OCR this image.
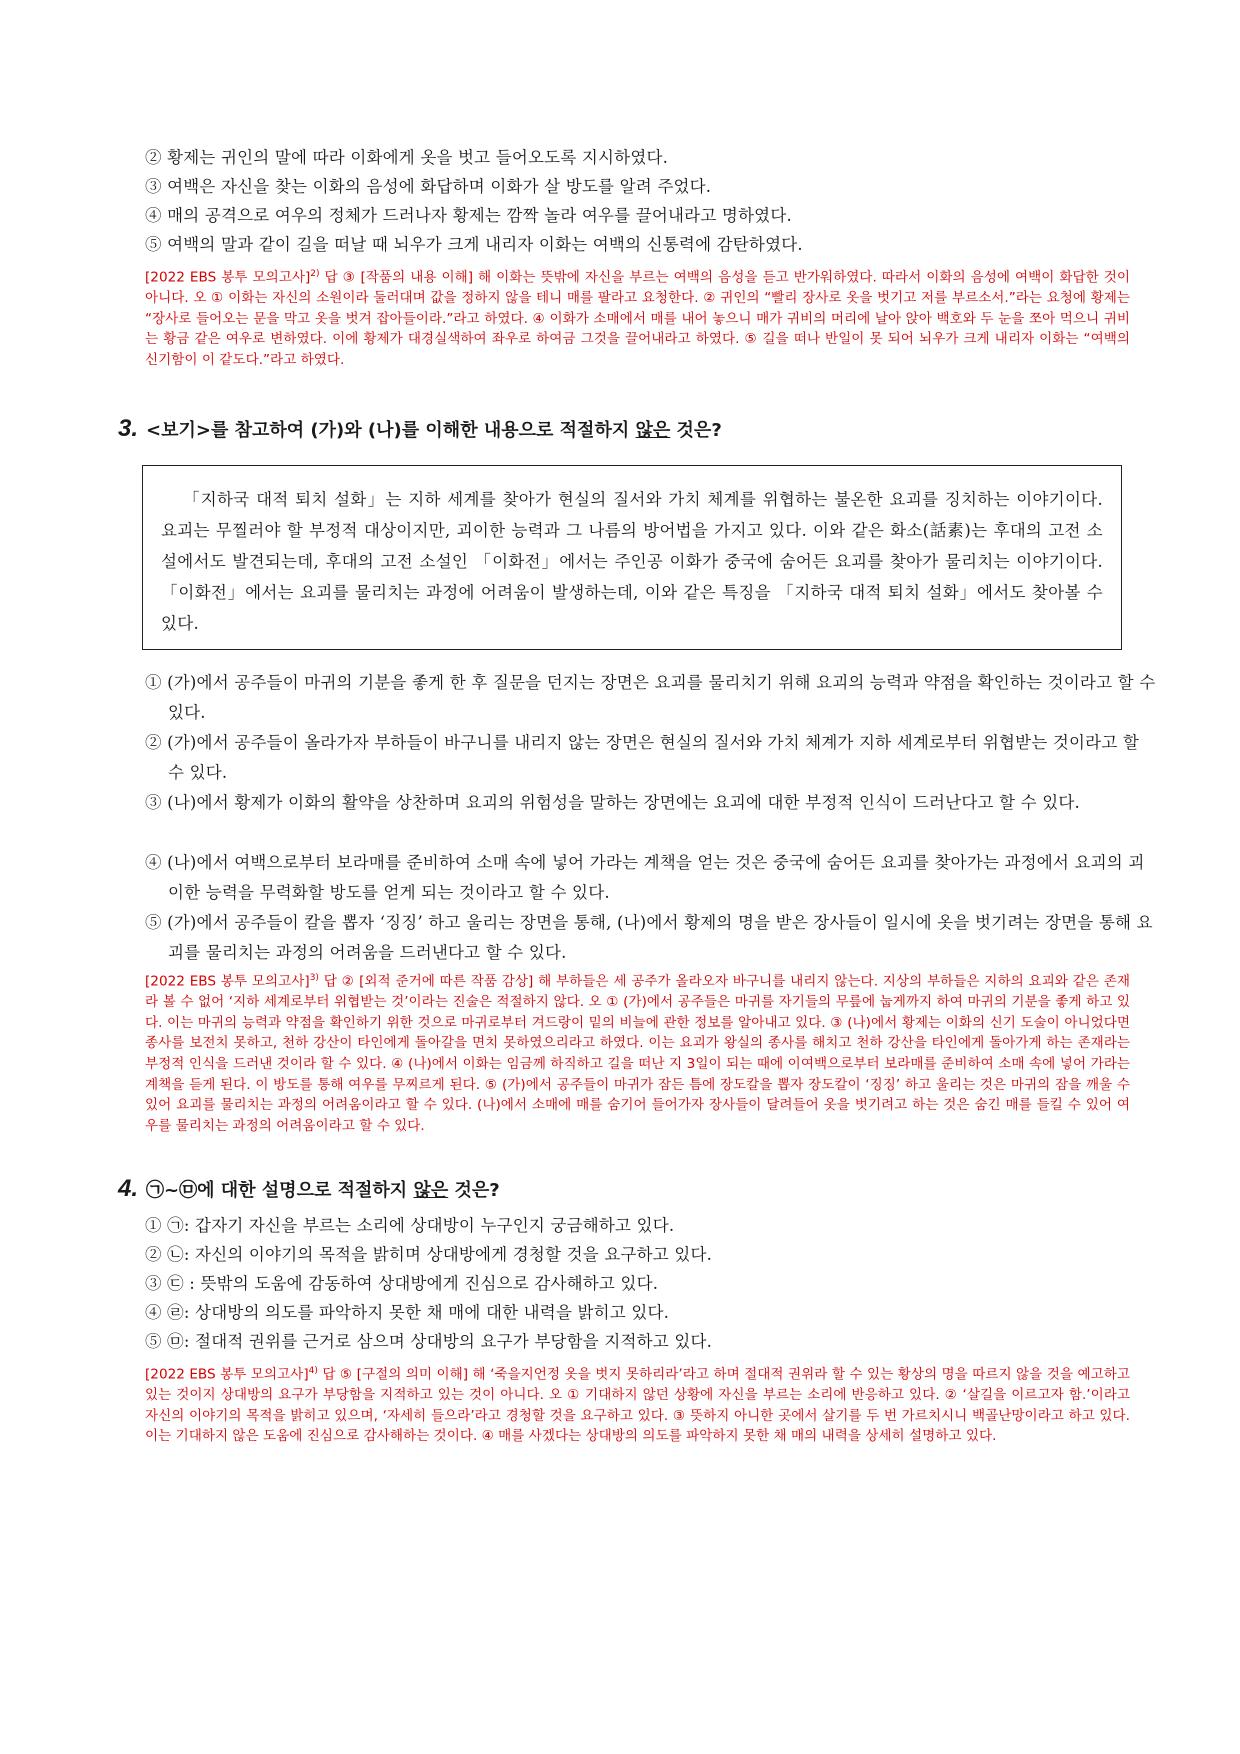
② 황제는 귀인의 말에 따라 이화에게 옷을 벗고 들어오도록 지시하였다.
③ 여백은 자신을 찾는 이화의 음성에 화답하며 이화가 살 방도를 알려 주었다.
④ 매의 공격으로 여우의 정체가 드러나자 황제는 깜짝 놀라 여우를 끌어내라고 명하였다.
⑤ 여백의 말과 같이 길을 떠날 때 뇌우가 크게 내리자 이화는 여백의 신통력에 감탄하였다.
[2022 EBS 봉투 모의고사]$^{2)}$ 답 ③ [작품의 내용 이해] 해 이화는 뜻밖에 자신을 부르는 여백의 음성을 듣고 반가워하였다. 따라서 이화의 음성에 여백이 화답한 것이 아니다. 오 ① 이화는 자신의 소원이라 둘러대며 값을 정하지 않을 테니 매를 팔라고 요청한다. ② 귀인의 “빨리 장사로 옷을 벗기고 저를 부르소서.”라는 요청에 황제는 “장사로 들어오는 문을 막고 옷을 벗겨 잡아들이라.”라고 하였다. ④ 이화가 소매에서 매를 내어 놓으니 매가 귀비의 머리에 날아 앉아 백호와 두 눈을 쪼아 먹으니 귀비는 황금 같은 여우로 변하였다. 이에 황제가 대경실색하여 좌우로 하여금 그것을 끌어내라고 하였다. ⑤ 길을 떠나 반일이 못 되어 뇌우가 크게 내리자 이화는 “여백의 신기함이 이 같도다.”라고 하였다.
3. <보기>를 참고하여 (가)와 (나)를 이해한 내용으로 적절하지 않은 것은?

「지하국 대적 퇴치 설화」는 지하 세계를 찾아가 현실의 질서와 가치 체계를 위협하는 불온한 요괴를 징치하는 이야기이다. 요괴는 무찔러야 할 부정적 대상이지만, 괴이한 능력과 그 나름의 방어법을 가지고 있다. 이와 같은 화소(話素)는 후대의 고전 소설에서도 발견되는데, 후대의 고전 소설인 「이화전」에서는 주인공 이화가 중국에 숨어든 요괴를 찾아가 물리치는 이야기이다. 「이화전」에서는 요괴를 물리치는 과정에 어려움이 발생하는데, 이와 같은 특징을 「지하국 대적 퇴치 설화」에서도 찾아볼 수 있다.

① (가)에서 공주들이 마귀의 기분을 좋게 한 후 질문을 던지는 장면은 요괴를 물리치기 위해 요괴의 능력과 약점을 확인하는 것이라고 할 수 있다.
② (가)에서 공주들이 올라가자 부하들이 바구니를 내리지 않는 장면은 현실의 질서와 가치 체계가 지하 세계로부터 위협받는 것이라고 할 수 있다.
③ (나)에서 황제가 이화의 활약을 상찬하며 요괴의 위험성을 말하는 장면에는 요괴에 대한 부정적 인식이 드러난다고 할 수 있다.
④ (나)에서 여백으로부터 보라매를 준비하여 소매 속에 넣어 가라는 계책을 얻는 것은 중국에 숨어든 요괴를 찾아가는 과정에서 요괴의 괴이한 능력을 무력화할 방도를 얻게 되는 것이라고 할 수 있다.
⑤ (가)에서 공주들이 칼을 뽑자 ‘징징’ 하고 울리는 장면을 통해, (나)에서 황제의 명을 받은 장사들이 일시에 옷을 벗기려는 장면을 통해 요괴를 물리치는 과정의 어려움을 드러낸다고 할 수 있다.
[2022 EBS 봉투 모의고사]$^{3)}$ 답 ② [외적 준거에 따른 작품 감상] 해 부하들은 세 공주가 올라오자 바구니를 내리지 않는다. 지상의 부하들은 지하의 요괴와 같은 존재라 볼 수 없어 ‘지하 세계로부터 위협받는 것’이라는 진술은 적절하지 않다. 오 ① (가)에서 공주들은 마귀를 자기들의 무릎에 눕게까지 하여 마귀의 기분을 좋게 하고 있다. 이는 마귀의 능력과 약점을 확인하기 위한 것으로 마귀로부터 겨드랑이 밑의 비늘에 관한 정보를 알아내고 있다. ③ (나)에서 황제는 이화의 신기 도술이 아니었다면 종사를 보전치 못하고, 천하 강산이 타인에게 돌아갈을 면치 못하였으리라고 하였다. 이는 요괴가 왕실의 종사를 해치고 천하 강산을 타인에게 돌아가게 하는 존재라는 부정적 인식을 드러낸 것이라 할 수 있다. ④ (나)에서 이화는 임금께 하직하고 길을 떠난 지 3일이 되는 때에 이여백으로부터 보라매를 준비하여 소매 속에 넣어 가라는 계책을 듣게 된다. 이 방도를 통해 여우를 무찌르게 된다. ⑤ (가)에서 공주들이 마귀가 잠든 틈에 장도칼을 뽑자 장도칼이 ‘징징’ 하고 울리는 것은 마귀의 잠을 깨울 수 있어 요괴를 물리치는 과정의 어려움이라고 할 수 있다. (나)에서 소매에 매를 숨기어 들어가자 장사들이 달려들어 옷을 벗기려고 하는 것은 숨긴 매를 들킬 수 있어 여우를 물리치는 과정의 어려움이라고 할 수 있다.
4. ㉠~㉤에 대한 설명으로 적절하지 않은 것은?
① ㉠: 갑자기 자신을 부르는 소리에 상대방이 누구인지 궁금해하고 있다.
② ㉡: 자신의 이야기의 목적을 밝히며 상대방에게 경청할 것을 요구하고 있다.
③ ㉢ : 뜻밖의 도움에 감동하여 상대방에게 진심으로 감사해하고 있다.
④ ㉣: 상대방의 의도를 파악하지 못한 채 매에 대한 내력을 밝히고 있다.
⑤ ㉤: 절대적 권위를 근거로 삼으며 상대방의 요구가 부당함을 지적하고 있다.
[2022 EBS 봉투 모의고사]$^{4)}$ 답 ⑤ [구절의 의미 이해] 해 ‘죽을지언정 옷을 벗지 못하리라’라고 하며 절대적 권위라 할 수 있는 황상의 명을 따르지 않을 것을 예고하고 있는 것이지 상대방의 요구가 부당함을 지적하고 있는 것이 아니다. 오 ① 기대하지 않던 상황에 자신을 부르는 소리에 반응하고 있다. ② ‘살길을 이르고자 함.’이라고 자신의 이야기의 목적을 밝히고 있으며, ‘자세히 들으라’라고 경청할 것을 요구하고 있다. ③ 뜻하지 아니한 곳에서 살기를 두 번 가르치시니 백골난망이라고 하고 있다. 이는 기대하지 않은 도움에 진심으로 감사해하는 것이다. ④ 매를 사겠다는 상대방의 의도를 파악하지 못한 채 매의 내력을 상세히 설명하고 있다.
